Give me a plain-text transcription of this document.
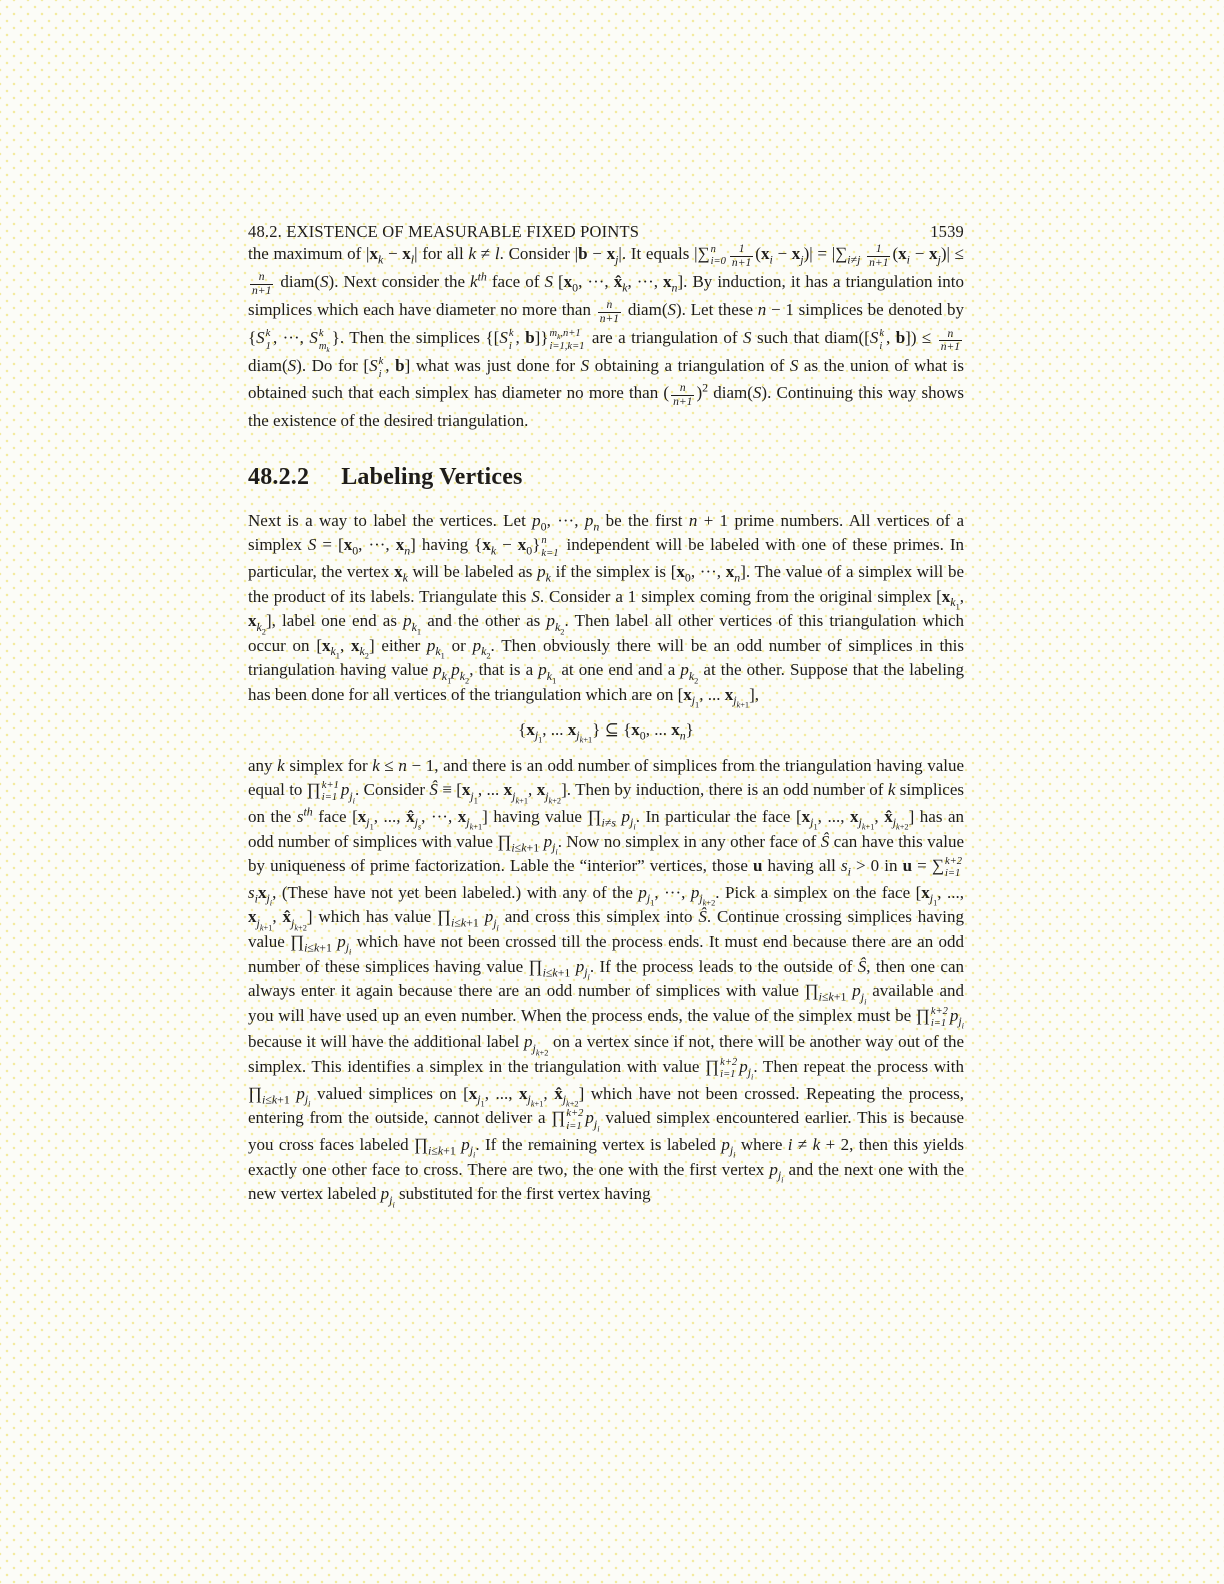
48.2. EXISTENCE OF MEASURABLE FIXED POINTS	1539

the maximum of $|x_k - x_l|$ for all k ≠ l. Consider $|b - x_j|$. It equals |∑ n
$i=0 \frac{1}{n+1} (x_i - x_j)| = |\sum_{i\ne j} \frac{1}{n+1} (x_i - x_j)|$ ≤
$\frac{n}{n+1}$ diam(S). Next consider the $k^{th}$ face of S [$x_0$, ···, $x̂_k$, ···, $x_n$]. By induction, it has a triangulation into simplices which each have diameter no more than $\frac{n}{n+1}$ diam(S). Let these n − 1 simplices be denoted by {S k
1 , ···, S k
$m_k$
}. Then the simplices {[S k
i , b]} $m_k,n+1$
i=1,k=1 are a triangulation of S such that diam([S k
i , $b]) \le \frac{n}{n+1}$
diam(S). Do for [S k
i , b] what was just done for S obtaining a triangulation of S as the union of what is obtained such that each simplex has diameter no more than ( $\frac{n}{n+1} )^2$ diam(S). Continuing this way shows the existence of the desired triangulation.

48.2.2 Labeling Vertices

Next is a way to label the vertices. Let $p_0$, ···, $p_n$ be the first n + 1 prime numbers. All vertices of a simplex $S = [x_0$, ···, $x_n$] having $\{x_k - x_0\}$ n
k=1 independent will be labeled with one of these primes. In particular, the vertex $x_k$ will be labeled as $p_k$ if the simplex is [$x_0$, ···, $x_n$]. The value of a simplex will be the product of its labels. Triangulate this S. Consider a 1 simplex coming from the original simplex [$x_{k_1}$, $x_{k_2}$], label one end as $p_{k_1}$ and the other as $p_{k_2}$. Then label all other vertices of this triangulation which occur on [$x_{k_1}$, $x_{k_2}$] either $p_{k_1}$ or $p_{k_2}$. Then obviously there will be an odd number of simplices in this triangulation having value $p_{k_1}p_{k_2}$, that is a $p_{k_1}$ at one end and a $p_{k_2}$ at the other. Suppose that the labeling has been done for all vertices of the triangulation which are on [$x_{j_1}$, ... $x_{j_{k+1}}$],

{$x_{j_1}$, ... $x_{j_{k+1}}$} ⊆ {$x_0$, ... $x_n$}

any k simplex for k ≤ n − 1, and there is an odd number of simplices from the triangulation having value equal to ∏ k+1
i=1 $p_{j_i}$. Consider Ŝ ≡ [$x_{j_1}$, ... $x_{j_{k+1}}$, $x_{j_{k+2}}$]. Then by induction, there is an odd number of k simplices on the $s^{th}$ face [$x_{j_1}$, ..., $x̂_{j_s}$, ···, $x_{j_{k+1}}$] having value $\prod_{i\ne s}$ $p_{j_i}$. In particular the face [$x_{j_1}$, ..., $x_{j_{k+1}}$, $x̂_{j_{k+2}}$] has an odd number of simplices with value $\prod_{i\le k+1}$ $p_{j_i}$. Now no simplex in any other face of Ŝ can have this value by uniqueness of prime factorization. Lable the “interior” vertices, those u having all $s_i > 0$ in u = ∑ k+2
i=1
$s_ix_{j_i}$, (These have not yet been labeled.) with any of the $p_{j_1}$, ···, $p_{j_{k+2}}$. Pick a simplex on the face [$x_{j_1}$, ..., $x_{j_{k+1}}$, $x̂_{j_{k+2}}$] which has value $\prod_{i\le k+1}$ $p_{j_i}$ and cross this simplex into Ŝ. Continue crossing simplices having value $\prod_{i\le k+1}$ $p_{j_i}$ which have not been crossed till the process ends. It must end because there are an odd number of these simplices having value $\prod_{i\le k+1}$ $p_{j_i}$. If the process leads to the outside of Ŝ, then one can always enter it again because there are an odd number of simplices with value $\prod_{i\le k+1}$ $p_{j_i}$ available and you will have used up an even number. When the process ends, the value of the simplex must be ∏ k+2
i=1 $p_{j_i}$ because it will have the additional label $p_{j_{k+2}}$ on a vertex since if not, there will be another way out of the simplex. This identifies a simplex in the triangulation with value ∏ k+2
i=1 $p_{j_i}$. Then repeat the process with $\prod_{i\le k+1}$ $p_{j_i}$ valued simplices on [$x_{j_1}$, ..., $x_{j_{k+1}}$, $x̂_{j_{k+2}}$] which have not been crossed. Repeating the process, entering from the outside, cannot deliver a ∏ k+2
i=1 $p_{j_i}$ valued simplex encountered earlier. This is because you cross faces labeled $\prod_{i\le k+1}$ $p_{j_i}$. If the remaining vertex is labeled $p_{j_i}$ where i ≠ k + 2, then this yields exactly one other face to cross. There are two, the one with the first vertex $p_{j_i}$ and the next one with the new vertex labeled $p_{j_i}$ substituted for the first vertex having
